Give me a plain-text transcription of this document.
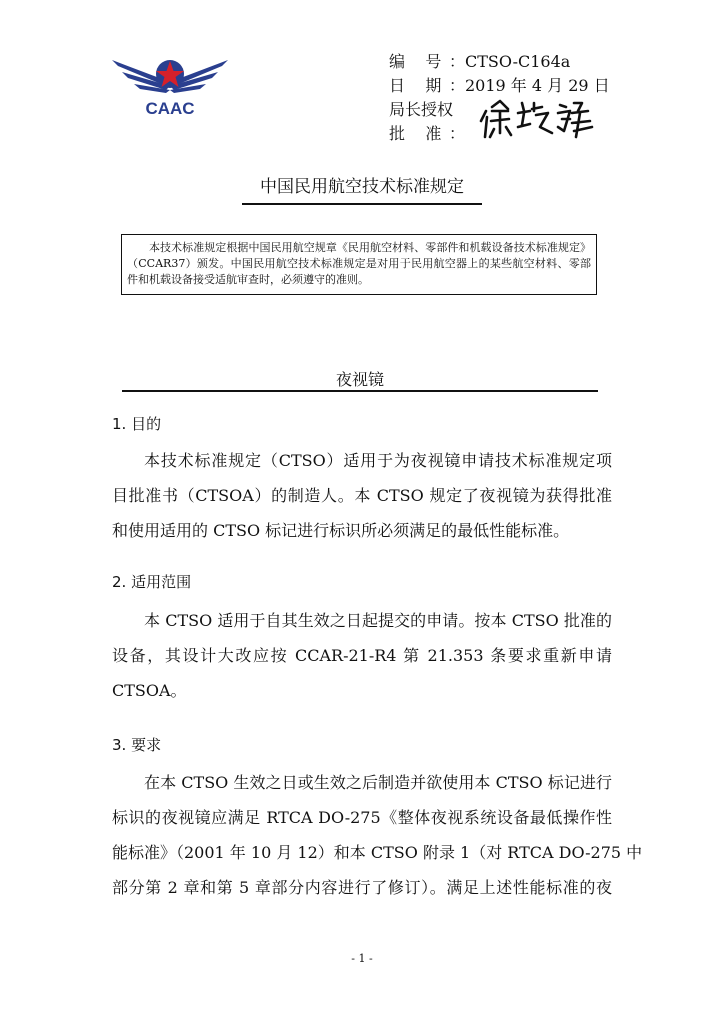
CAAC
编 号：CTSO-C164a
日 期：2019 年 4 月 29 日
局长授权
批 准：
中国民用航空技术标准规定

本技术标准规定根据中国民用航空规章《民用航空材料、零部件和机载设备技术标准规定》（CCAR37）颁发。中国民用航空技术标准规定是对用于民用航空器上的某些航空材料、零部件和机载设备接受适航审查时，必须遵守的准则。

夜视镜
1. 目的
本技术标准规定（CTSO）适用于为夜视镜申请技术标准规定项
目批准书（CTSOA）的制造人。本 CTSO 规定了夜视镜为获得批准
和使用适用的 CTSO 标记进行标识所必须满足的最低性能标准。
2. 适用范围
本 CTSO 适用于自其生效之日起提交的申请。按本 CTSO 批准的
设备，其设计大改应按 CCAR-21-R4 第 21.353 条要求重新申请
CTSOA。
3. 要求
在本 CTSO 生效之日或生效之后制造并欲使用本 CTSO 标记进行
标识的夜视镜应满足 RTCA DO-275《整体夜视系统设备最低操作性
能标准》（2001 年 10 月 12）和本 CTSO 附录 1（对 RTCA DO-275 中
部分第 2 章和第 5 章部分内容进行了修订）。满足上述性能标准的夜
- 1 -
